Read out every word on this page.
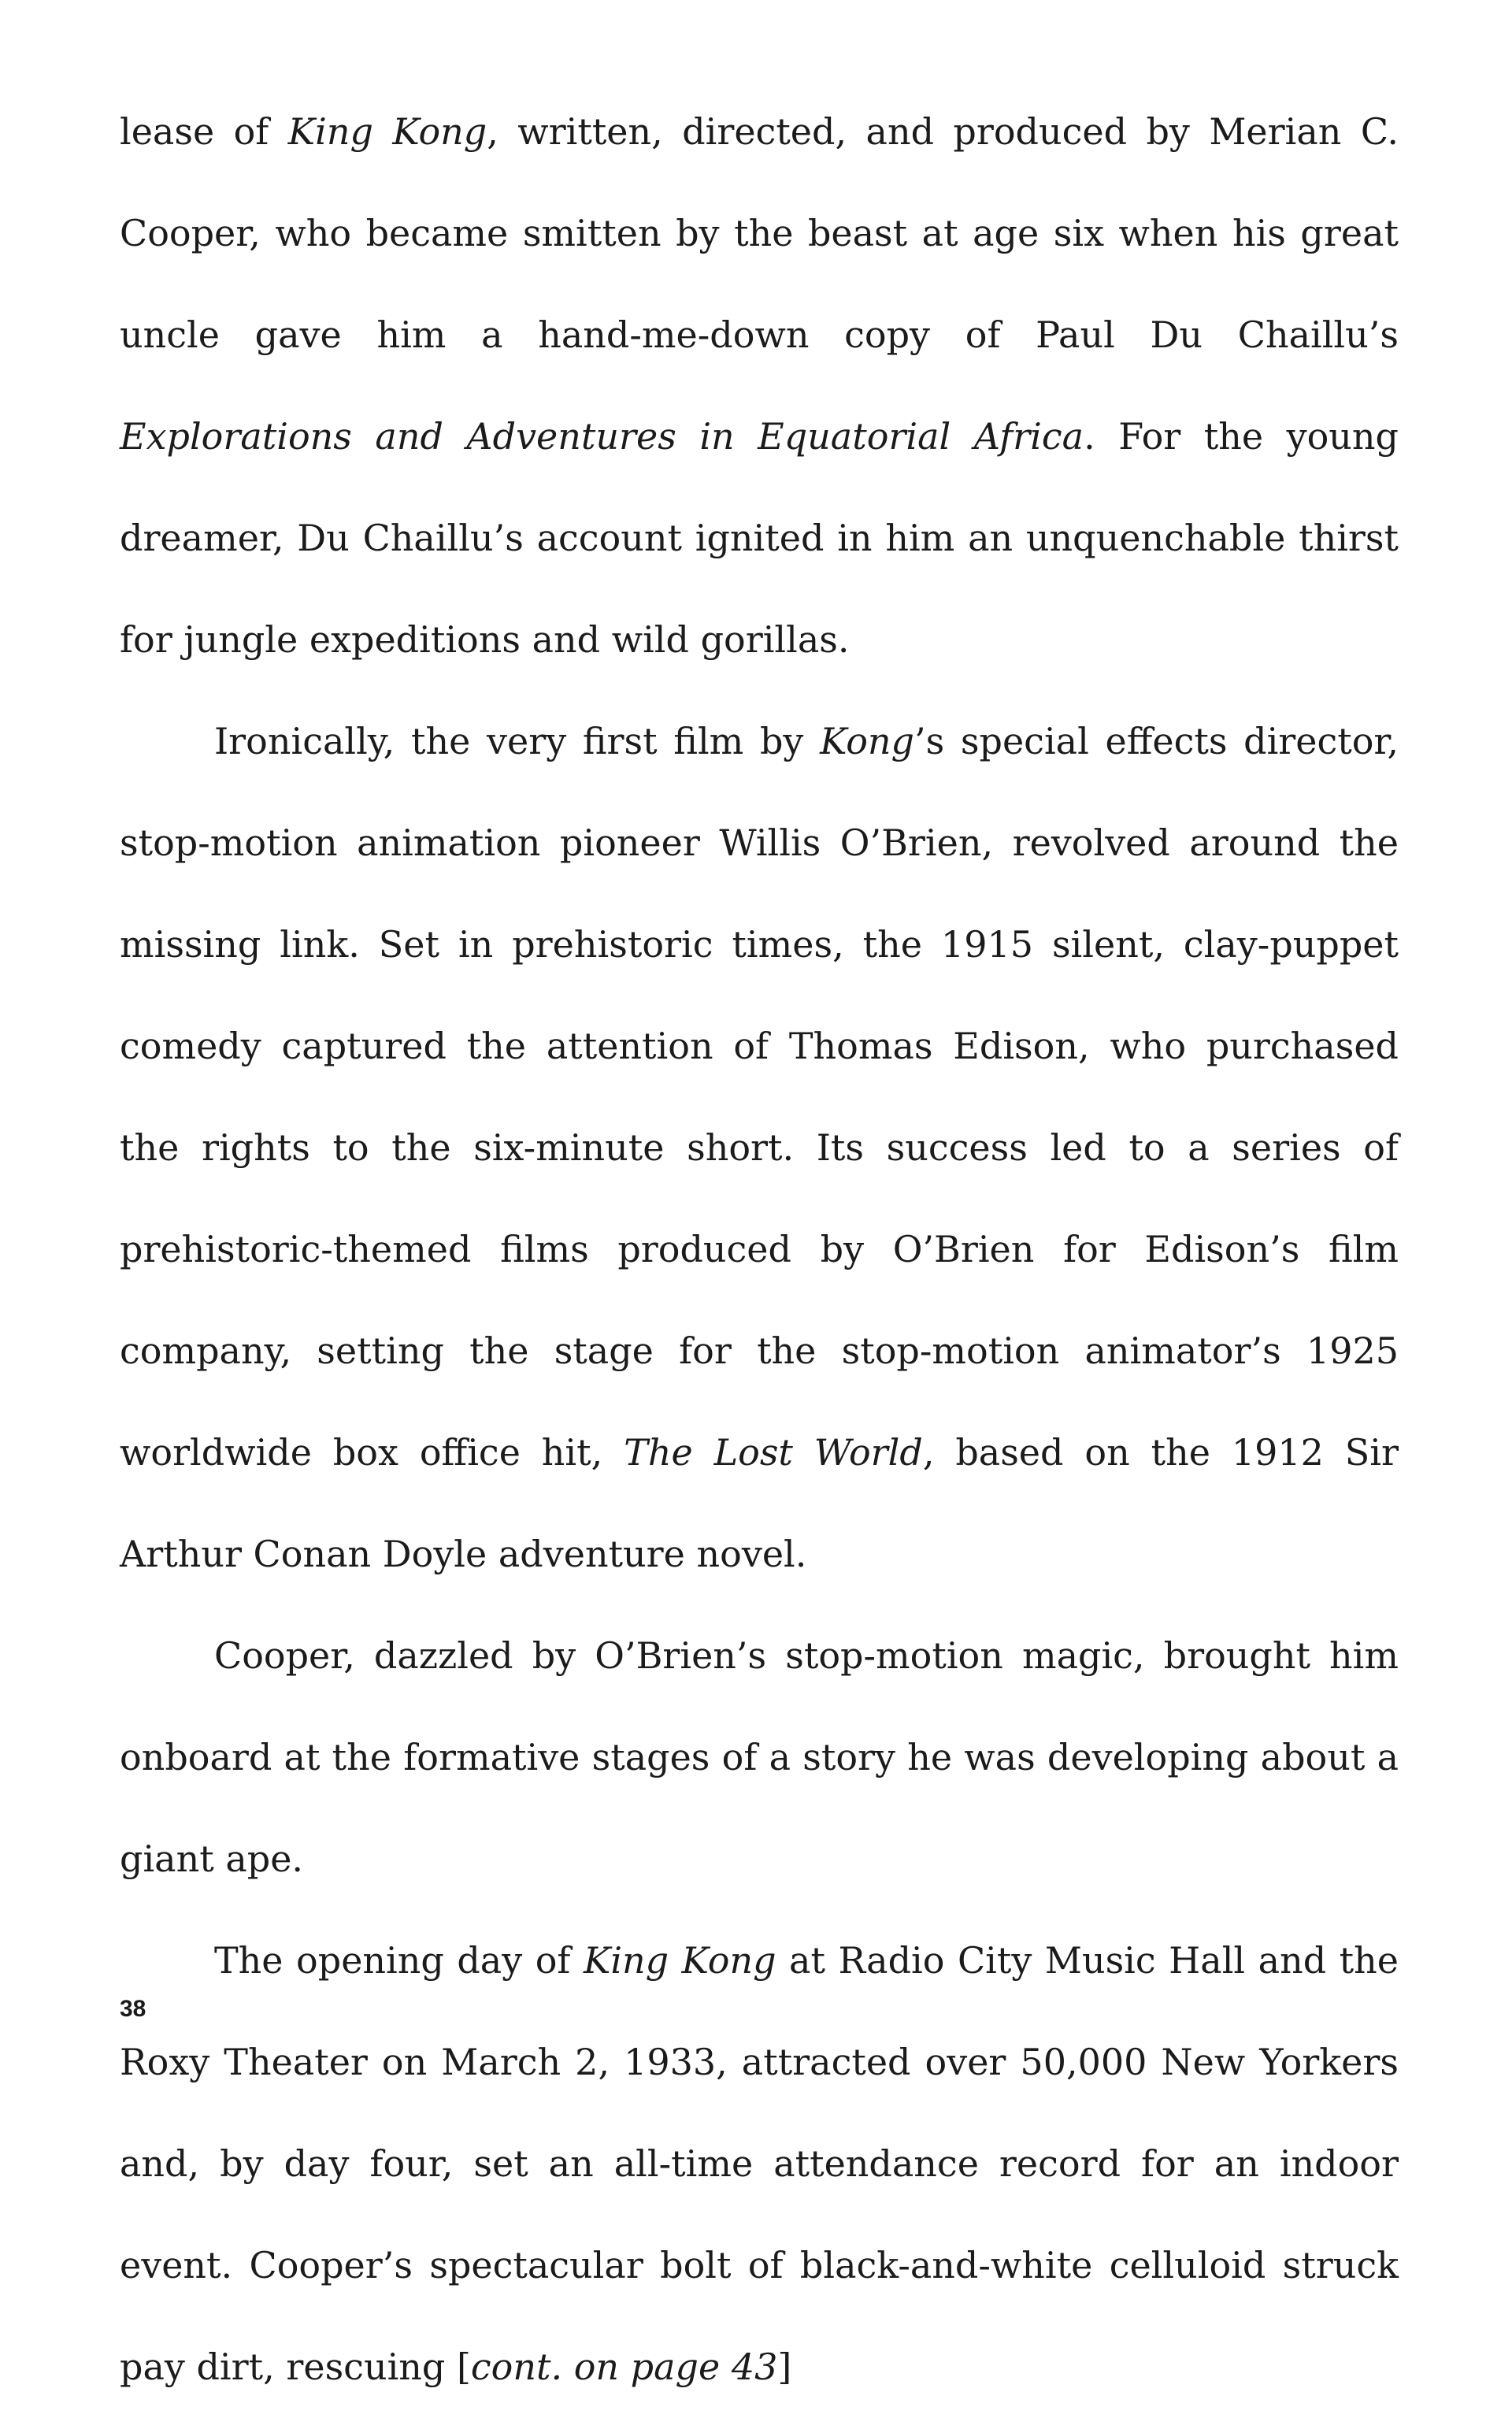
lease of King Kong, written, directed, and produced by Merian C. Cooper, who became smitten by the beast at age six when his great uncle gave him a hand-me-down copy of Paul Du Chaillu’s Explorations and Adventures in Equatorial Africa. For the young dreamer, Du Chaillu’s account ignited in him an unquenchable thirst for jungle expeditions and wild gorillas.

Ironically, the very first film by Kong’s special effects director, stop-motion animation pioneer Willis O’Brien, revolved around the missing link. Set in prehistoric times, the 1915 silent, clay-puppet comedy captured the attention of Thomas Edison, who purchased the rights to the six-minute short. Its success led to a series of prehistoric-themed films produced by O’Brien for Edison’s film company, setting the stage for the stop-motion animator’s 1925 worldwide box office hit, The Lost World, based on the 1912 Sir Arthur Conan Doyle adventure novel.

Cooper, dazzled by O’Brien’s stop-motion magic, brought him onboard at the formative stages of a story he was developing about a giant ape.

The opening day of King Kong at Radio City Music Hall and the Roxy Theater on March 2, 1933, attracted over 50,000 New Yorkers and, by day four, set an all-time attendance record for an indoor event. Cooper’s spectacular bolt of black-and-white celluloid struck pay dirt, rescuing [cont. on page 43]

38
